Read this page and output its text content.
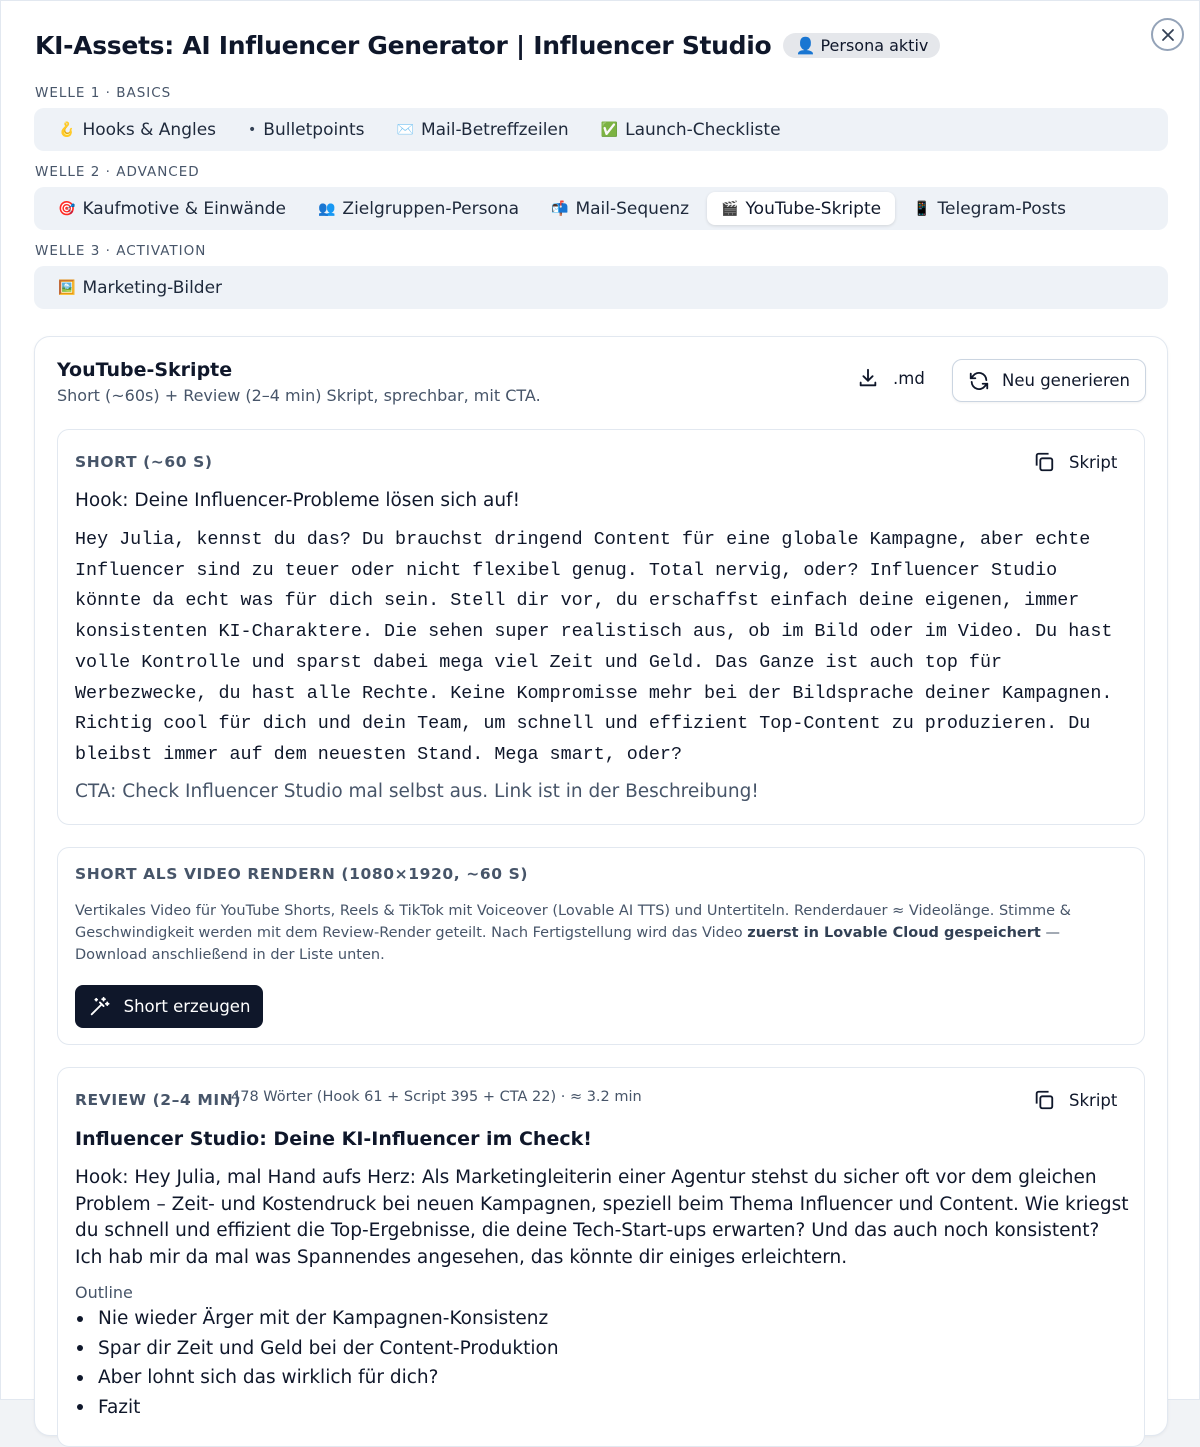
KI-Assets: AI Influencer Generator | Influencer Studio	👤 Persona aktiv
WELLE 1 · BASICS
🪝 Hooks & Angles • Bulletpoints ✉️ Mail-Betreffzeilen ✅ Launch-Checkliste
WELLE 2 · ADVANCED
🎯 Kaufmotive & Einwände 👥 Zielgruppen-Persona 📬 Mail-Sequenz 🎬 YouTube-Skripte 📱 Telegram-Posts
WELLE 3 · ACTIVATION
🖼️ Marketing-Bilder
YouTube-Skripte
Short (~60s) + Review (2–4 min) Skript, sprechbar, mit CTA.
.md	Neu generieren
SHORT (~60 S)	Skript
Hook: Deine Influencer-Probleme lösen sich auf!
Hey Julia, kennst du das? Du brauchst dringend Content für eine globale Kampagne, aber echte Influencer sind zu teuer oder nicht flexibel genug. Total nervig, oder? Influencer Studio könnte da echt was für dich sein. Stell dir vor, du erschaffst einfach deine eigenen, immer konsistenten KI-Charaktere. Die sehen super realistisch aus, ob im Bild oder im Video. Du hast volle Kontrolle und sparst dabei mega viel Zeit und Geld. Das Ganze ist auch top für Werbezwecke, du hast alle Rechte. Keine Kompromisse mehr bei der Bildsprache deiner Kampagnen. Richtig cool für dich und dein Team, um schnell und effizient Top-Content zu produzieren. Du bleibst immer auf dem neuesten Stand. Mega smart, oder?
CTA: Check Influencer Studio mal selbst aus. Link ist in der Beschreibung!
SHORT ALS VIDEO RENDERN (1080×1920, ~60 S)
Vertikales Video für YouTube Shorts, Reels & TikTok mit Voiceover (Lovable AI TTS) und Untertiteln. Renderdauer ≈ Videolänge. Stimme & Geschwindigkeit werden mit dem Review-Render geteilt. Nach Fertigstellung wird das Video zuerst in Lovable Cloud gespeichert — Download anschließend in der Liste unten.
Short erzeugen
REVIEW (2–4 MIN)
478 Wörter (Hook 61 + Script 395 + CTA 22) · ≈ 3.2 min	Skript
Influencer Studio: Deine KI-Influencer im Check!
Hook: Hey Julia, mal Hand aufs Herz: Als Marketingleiterin einer Agentur stehst du sicher oft vor dem gleichen Problem – Zeit- und Kostendruck bei neuen Kampagnen, speziell beim Thema Influencer und Content. Wie kriegst du schnell und effizient die Top-Ergebnisse, die deine Tech-Start-ups erwarten? Und das auch noch konsistent? Ich hab mir da mal was Spannendes angesehen, das könnte dir einiges erleichtern.
Outline
Nie wieder Ärger mit der Kampagnen-Konsistenz
Spar dir Zeit und Geld bei der Content-Produktion
Aber lohnt sich das wirklich für dich?
Fazit
